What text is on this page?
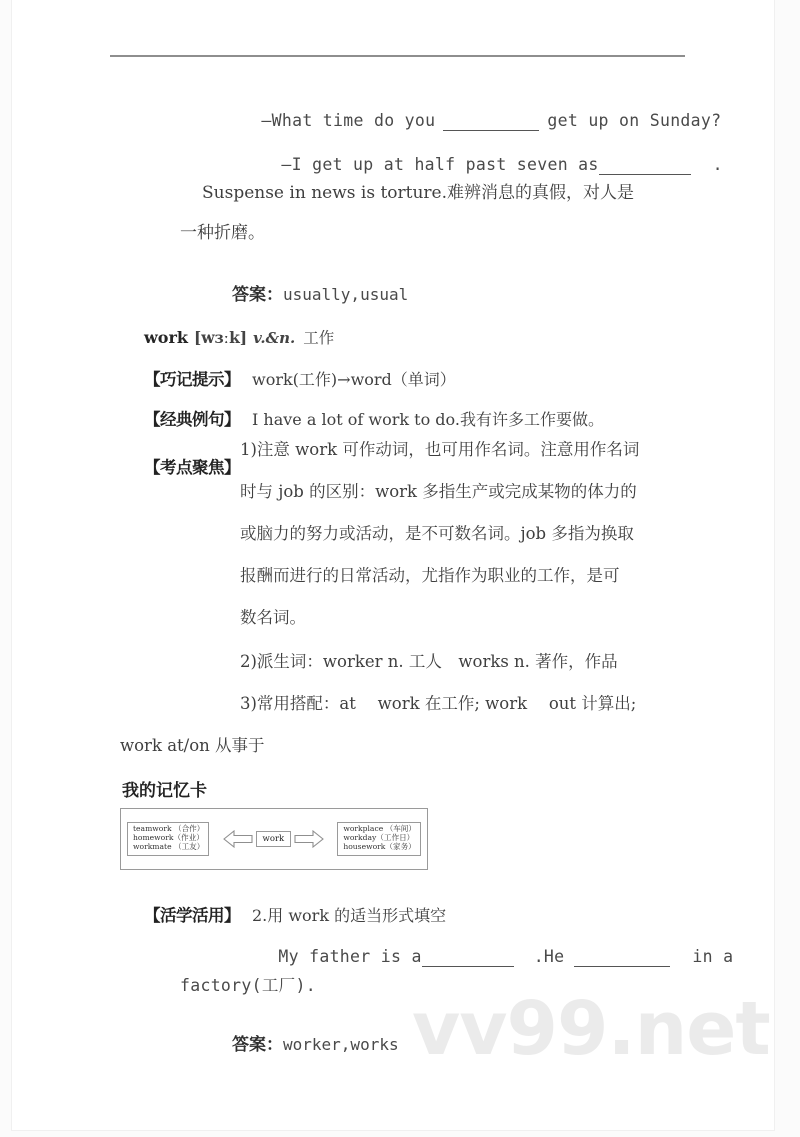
vv99.net

—What time do you	get up on Sunday?

—I get up at half past seven as	.

Suspense in news is torture.难辨消息的真假，对人是
一种折磨。

答案：usually,usual

work [wɜːk] v.&n. 工作

【巧记提示】 work(工作)→word（单词）

【经典例句】 I have a lot of work to do.我有许多工作要做。

【考点聚焦】

1)注意 work 可作动词，也可用作名词。注意用作名词
时与 job 的区别：work 多指生产或完成某物的体力的
或脑力的努力或活动，是不可数名词。job 多指为换取
报酬而进行的日常活动，尤指作为职业的工作，是可
数名词。
2)派生词：worker n. 工人　works n. 著作，作品
3)常用搭配：at　 work 在工作; work　 out 计算出;
work at/on 从事于
我的记忆卡
teamwork （合作）
homework（作业）
workmate （工友）
work
workplace （车间）
workday（工作日）
housework（家务）

【活学活用】 2.用 work 的适当形式填空

My father is a	.He	in a

factory(工厂).

答案：worker,works
